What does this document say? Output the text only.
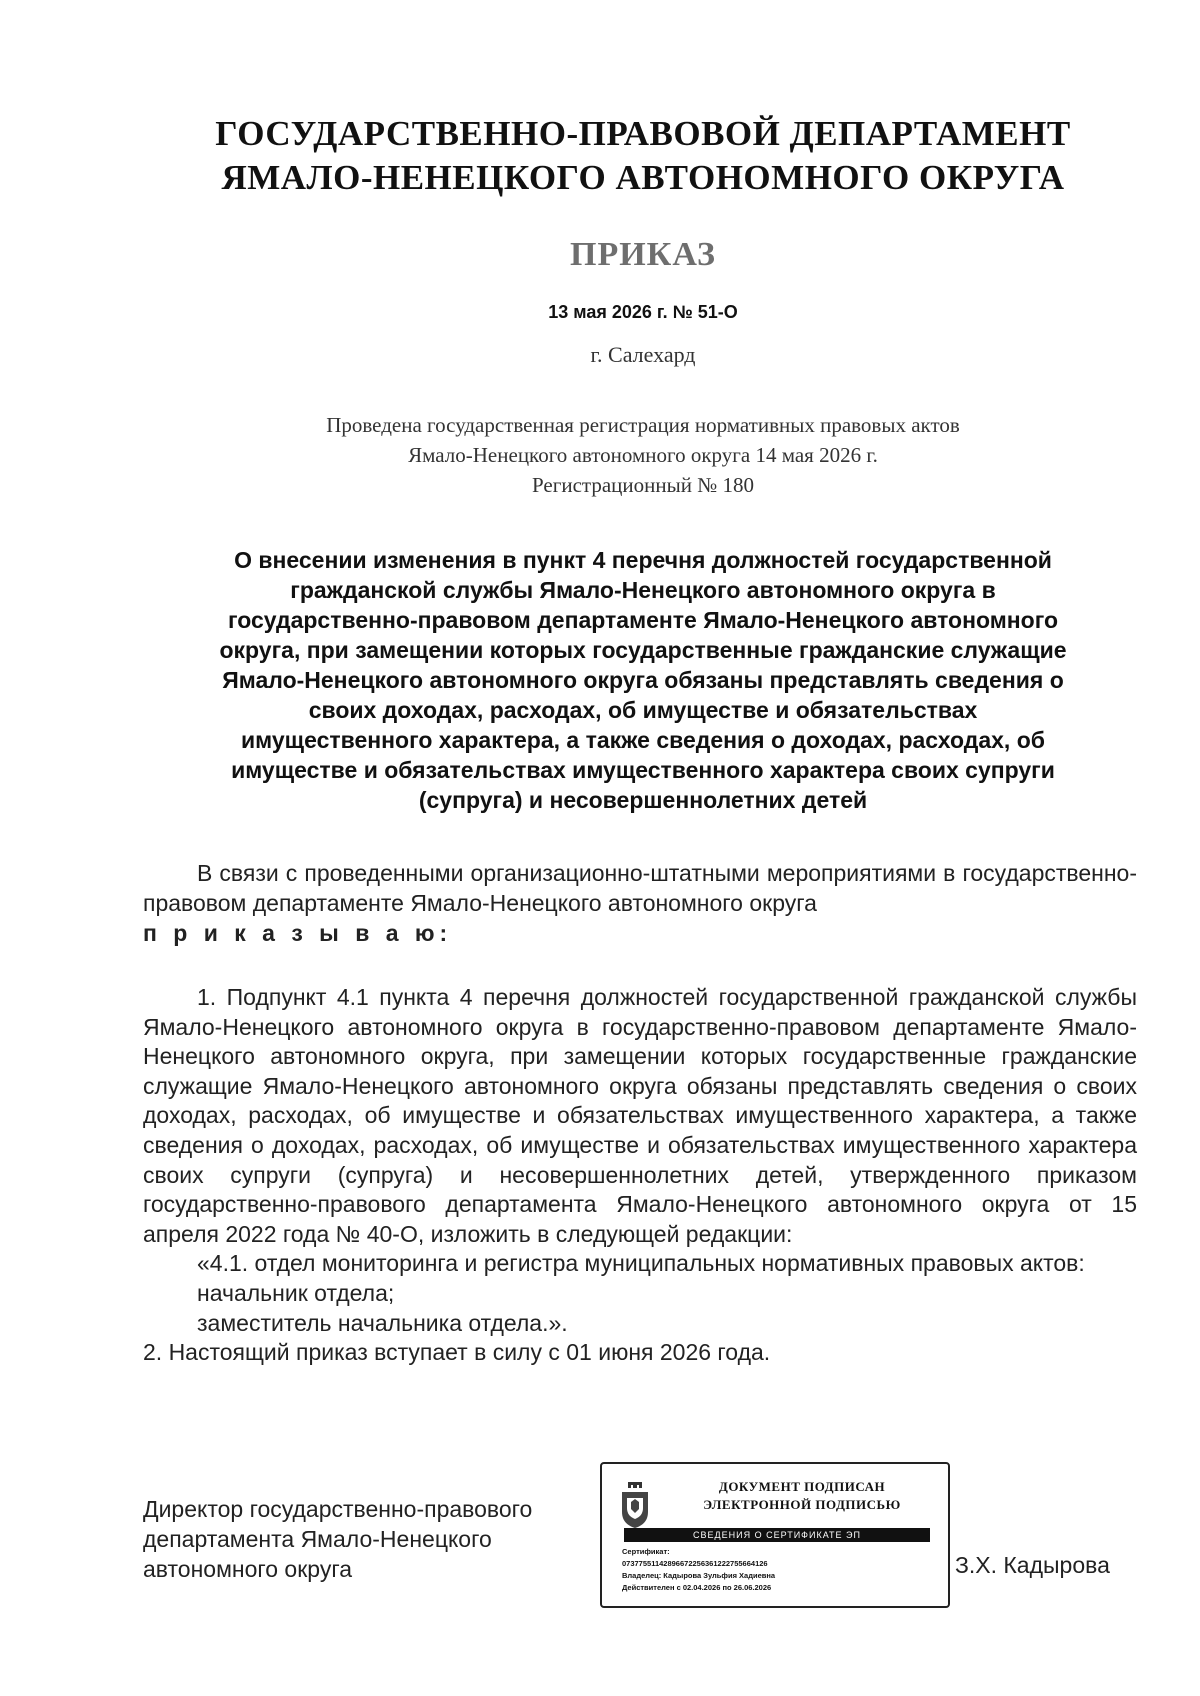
ГОСУДАРСТВЕННО-ПРАВОВОЙ ДЕПАРТАМЕНТ
ЯМАЛО-НЕНЕЦКОГО АВТОНОМНОГО ОКРУГА
ПРИКАЗ
13 мая 2026 г. № 51-О
г. Салехард
Проведена государственная регистрация нормативных правовых актов
Ямало-Ненецкого автономного округа 14 мая 2026 г.
Регистрационный № 180
О внесении изменения в пункт 4 перечня должностей государственной
гражданской службы Ямало-Ненецкого автономного округа в
государственно-правовом департаменте Ямало-Ненецкого автономного
округа, при замещении которых государственные гражданские служащие
Ямало-Ненецкого автономного округа обязаны представлять сведения о
своих доходах, расходах, об имуществе и обязательствах
имущественного характера, а также сведения о доходах, расходах, об
имуществе и обязательствах имущественного характера своих супруги
(супруга) и несовершеннолетних детей
В связи с проведенными организационно-штатными мероприятиями в государственно-правовом департаменте Ямало-Ненецкого автономного округа
п р и к а з ы в а ю:
1. Подпункт 4.1 пункта 4 перечня должностей государственной гражданской службы Ямало-Ненецкого автономного округа в государственно-правовом департаменте Ямало-Ненецкого автономного округа, при замещении которых государственные гражданские служащие Ямало-Ненецкого автономного округа обязаны представлять сведения о своих доходах, расходах, об имуществе и обязательствах имущественного характера, а также сведения о доходах, расходах, об имуществе и обязательствах имущественного характера своих супруги (супруга) и несовершеннолетних детей, утвержденного приказом государственно-правового департамента Ямало-Ненецкого автономного округа от 15 апреля 2022 года № 40-О, изложить в следующей редакции:
«4.1. отдел мониторинга и регистра муниципальных нормативных правовых актов:
начальник отдела;
заместитель начальника отдела.».
2. Настоящий приказ вступает в силу с 01 июня 2026 года.
Директор государственно-правового
департамента Ямало-Ненецкого
автономного округа
ДОКУМЕНТ ПОДПИСАН
ЭЛЕКТРОННОЙ ПОДПИСЬЮ
СВЕДЕНИЯ О СЕРТИФИКАТЕ ЭП
Сертификат:
07377551142896672256361222755664126
Владелец: Кадырова Зульфия Хадиевна
Действителен с 02.04.2026 по 26.06.2026
З.Х. Кадырова
